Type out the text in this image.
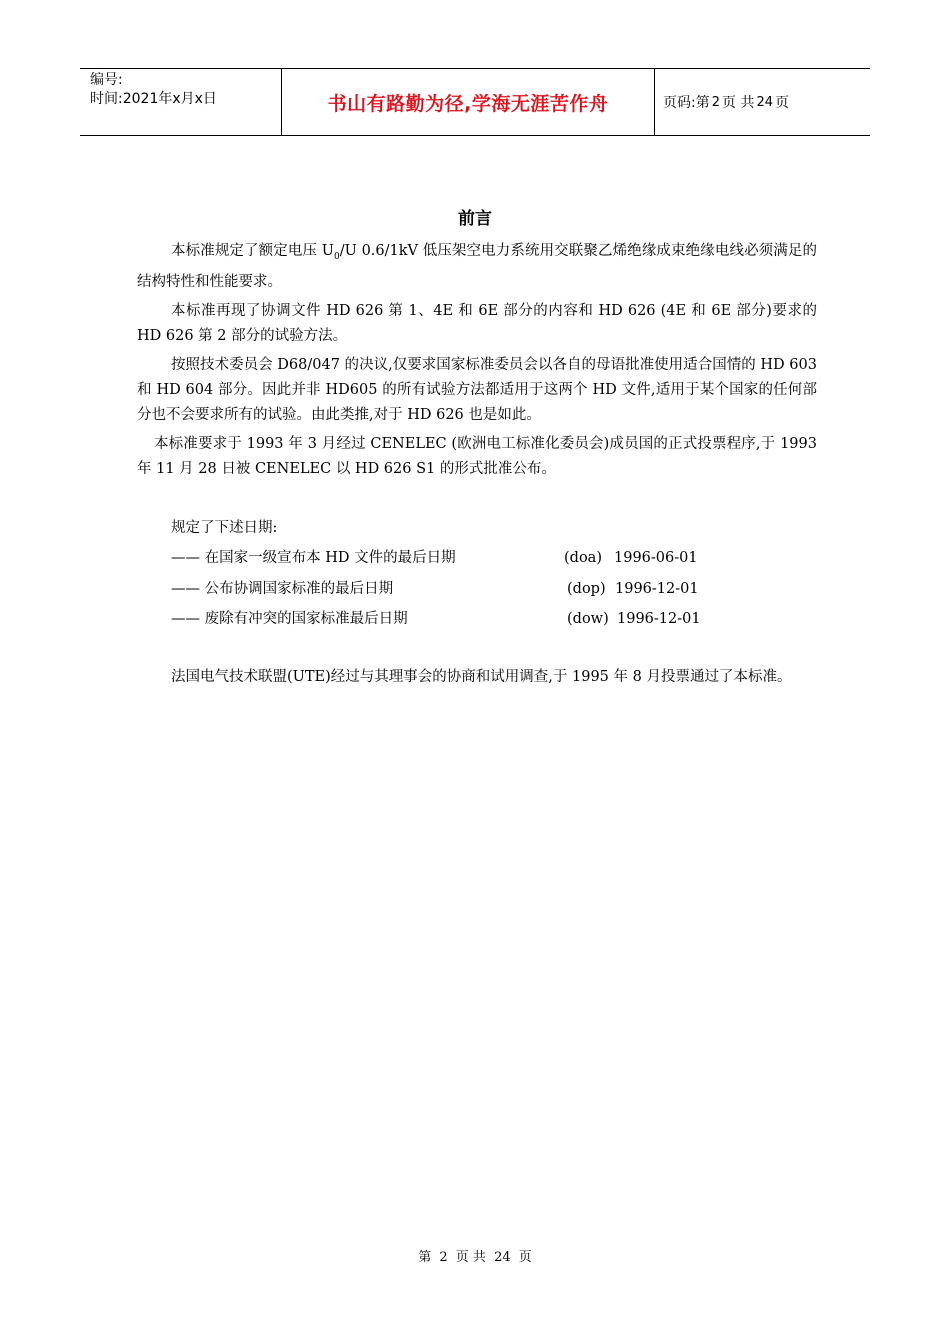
编号:
时间:2021年x月x日	书山有路勤为径,学海无涯苦作舟	页码:第 2 页 共 24 页
前言

本标准规定了额定电压 $U_0/U$ 0.6/1kV 低压架空电力系统用交联聚乙烯绝缘成束绝缘电线必须满足的结构特性和性能要求。

本标准再现了协调文件 HD 626 第 1、4E 和 6E 部分的内容和 HD 626 (4E 和 6E 部分)要求的 HD 626 第 2 部分的试验方法。

按照技术委员会 D68/047 的决议,仅要求国家标准委员会以各自的母语批准使用适合国情的 HD 603 和 HD 604 部分。因此并非 HD605 的所有试验方法都适用于这两个 HD 文件,适用于某个国家的任何部分也不会要求所有的试验。由此类推,对于 HD 626 也是如此。

本标准要求于 1993 年 3 月经过 CENELEC (欧洲电工标准化委员会)成员国的正式投票程序,于 1993 年 11 月 28 日被 CENELEC 以 HD 626 S1 的形式批准公布。

规定了下述日期:
—— 在国家一级宣布本 HD 文件的最后日期	(doa) 1996-06-01
—— 公布协调国家标准的最后日期	(dop) 1996-12-01
—— 废除有冲突的国家标准最后日期	(dow) 1996-12-01

法国电气技术联盟(UTE)经过与其理事会的协商和试用调查,于 1995 年 8 月投票通过了本标准。

第 2 页 共 24 页
